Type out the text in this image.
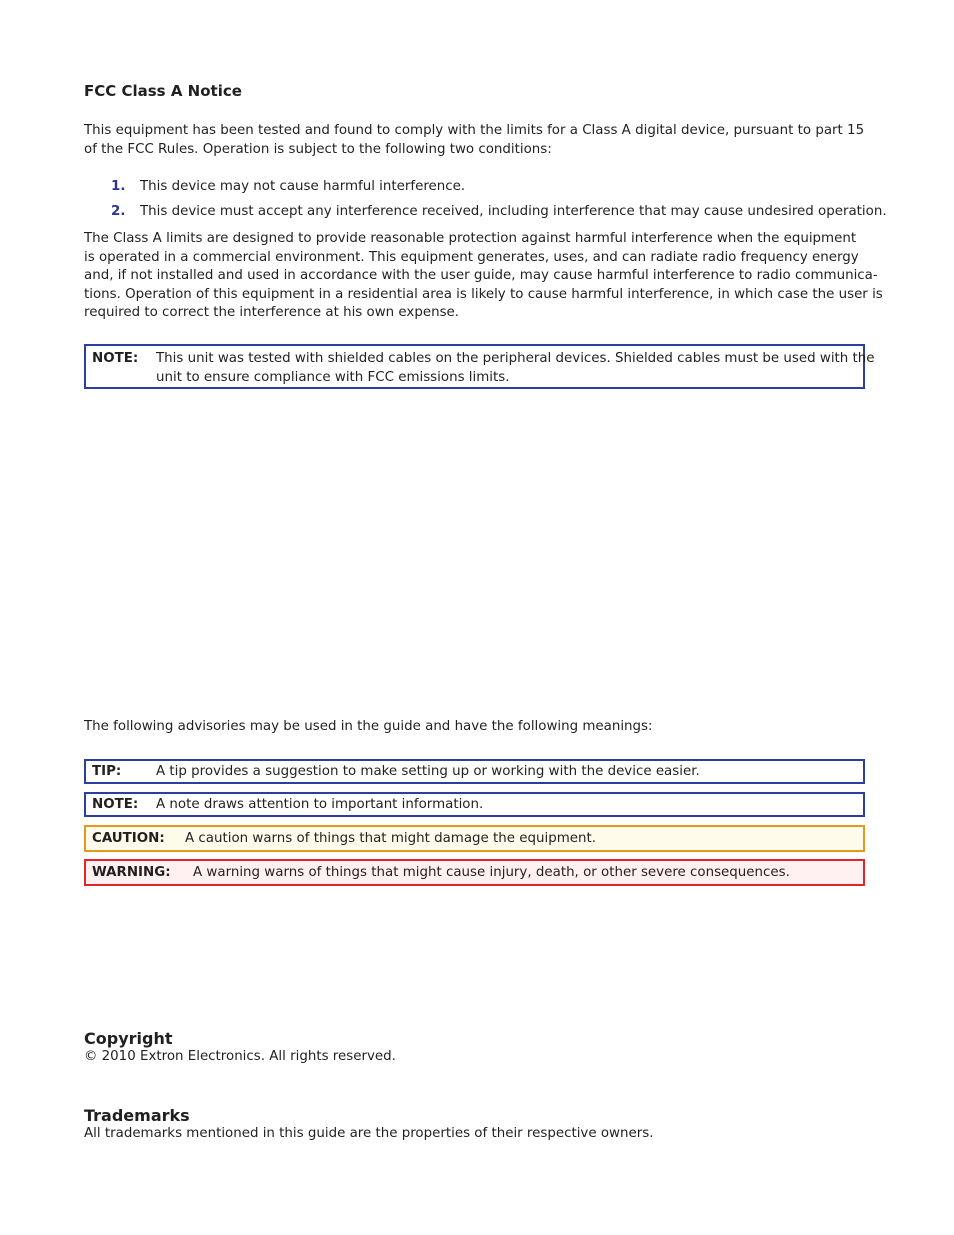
FCC Class A Notice

This equipment has been tested and found to comply with the limits for a Class A digital device, pursuant to part 15

of the FCC Rules. Operation is subject to the following two conditions:

1. This device may not cause harmful interference.
2. This device must accept any interference received, including interference that may cause undesired operation.

The Class A limits are designed to provide reasonable protection against harmful interference when the equipment

is operated in a commercial environment. This equipment generates, uses, and can radiate radio frequency energy

and, if not installed and used in accordance with the user guide, may cause harmful interference to radio communica-

tions. Operation of this equipment in a residential area is likely to cause harmful interference, in which case the user is

required to correct the interference at his own expense.

NOTE: This unit was tested with shielded cables on the peripheral devices. Shielded cables must be used with the

unit to ensure compliance with FCC emissions limits.

The following advisories may be used in the guide and have the following meanings:

TIP:	A tip provides a suggestion to make setting up or working with the device easier.
NOTE: A note draws attention to important information.
CAUTION: A caution warns of things that might damage the equipment.
WARNING: A warning warns of things that might cause injury, death, or other severe consequences.
Copyright

© 2010 Extron Electronics. All rights reserved.

Trademarks

All trademarks mentioned in this guide are the properties of their respective owners.
